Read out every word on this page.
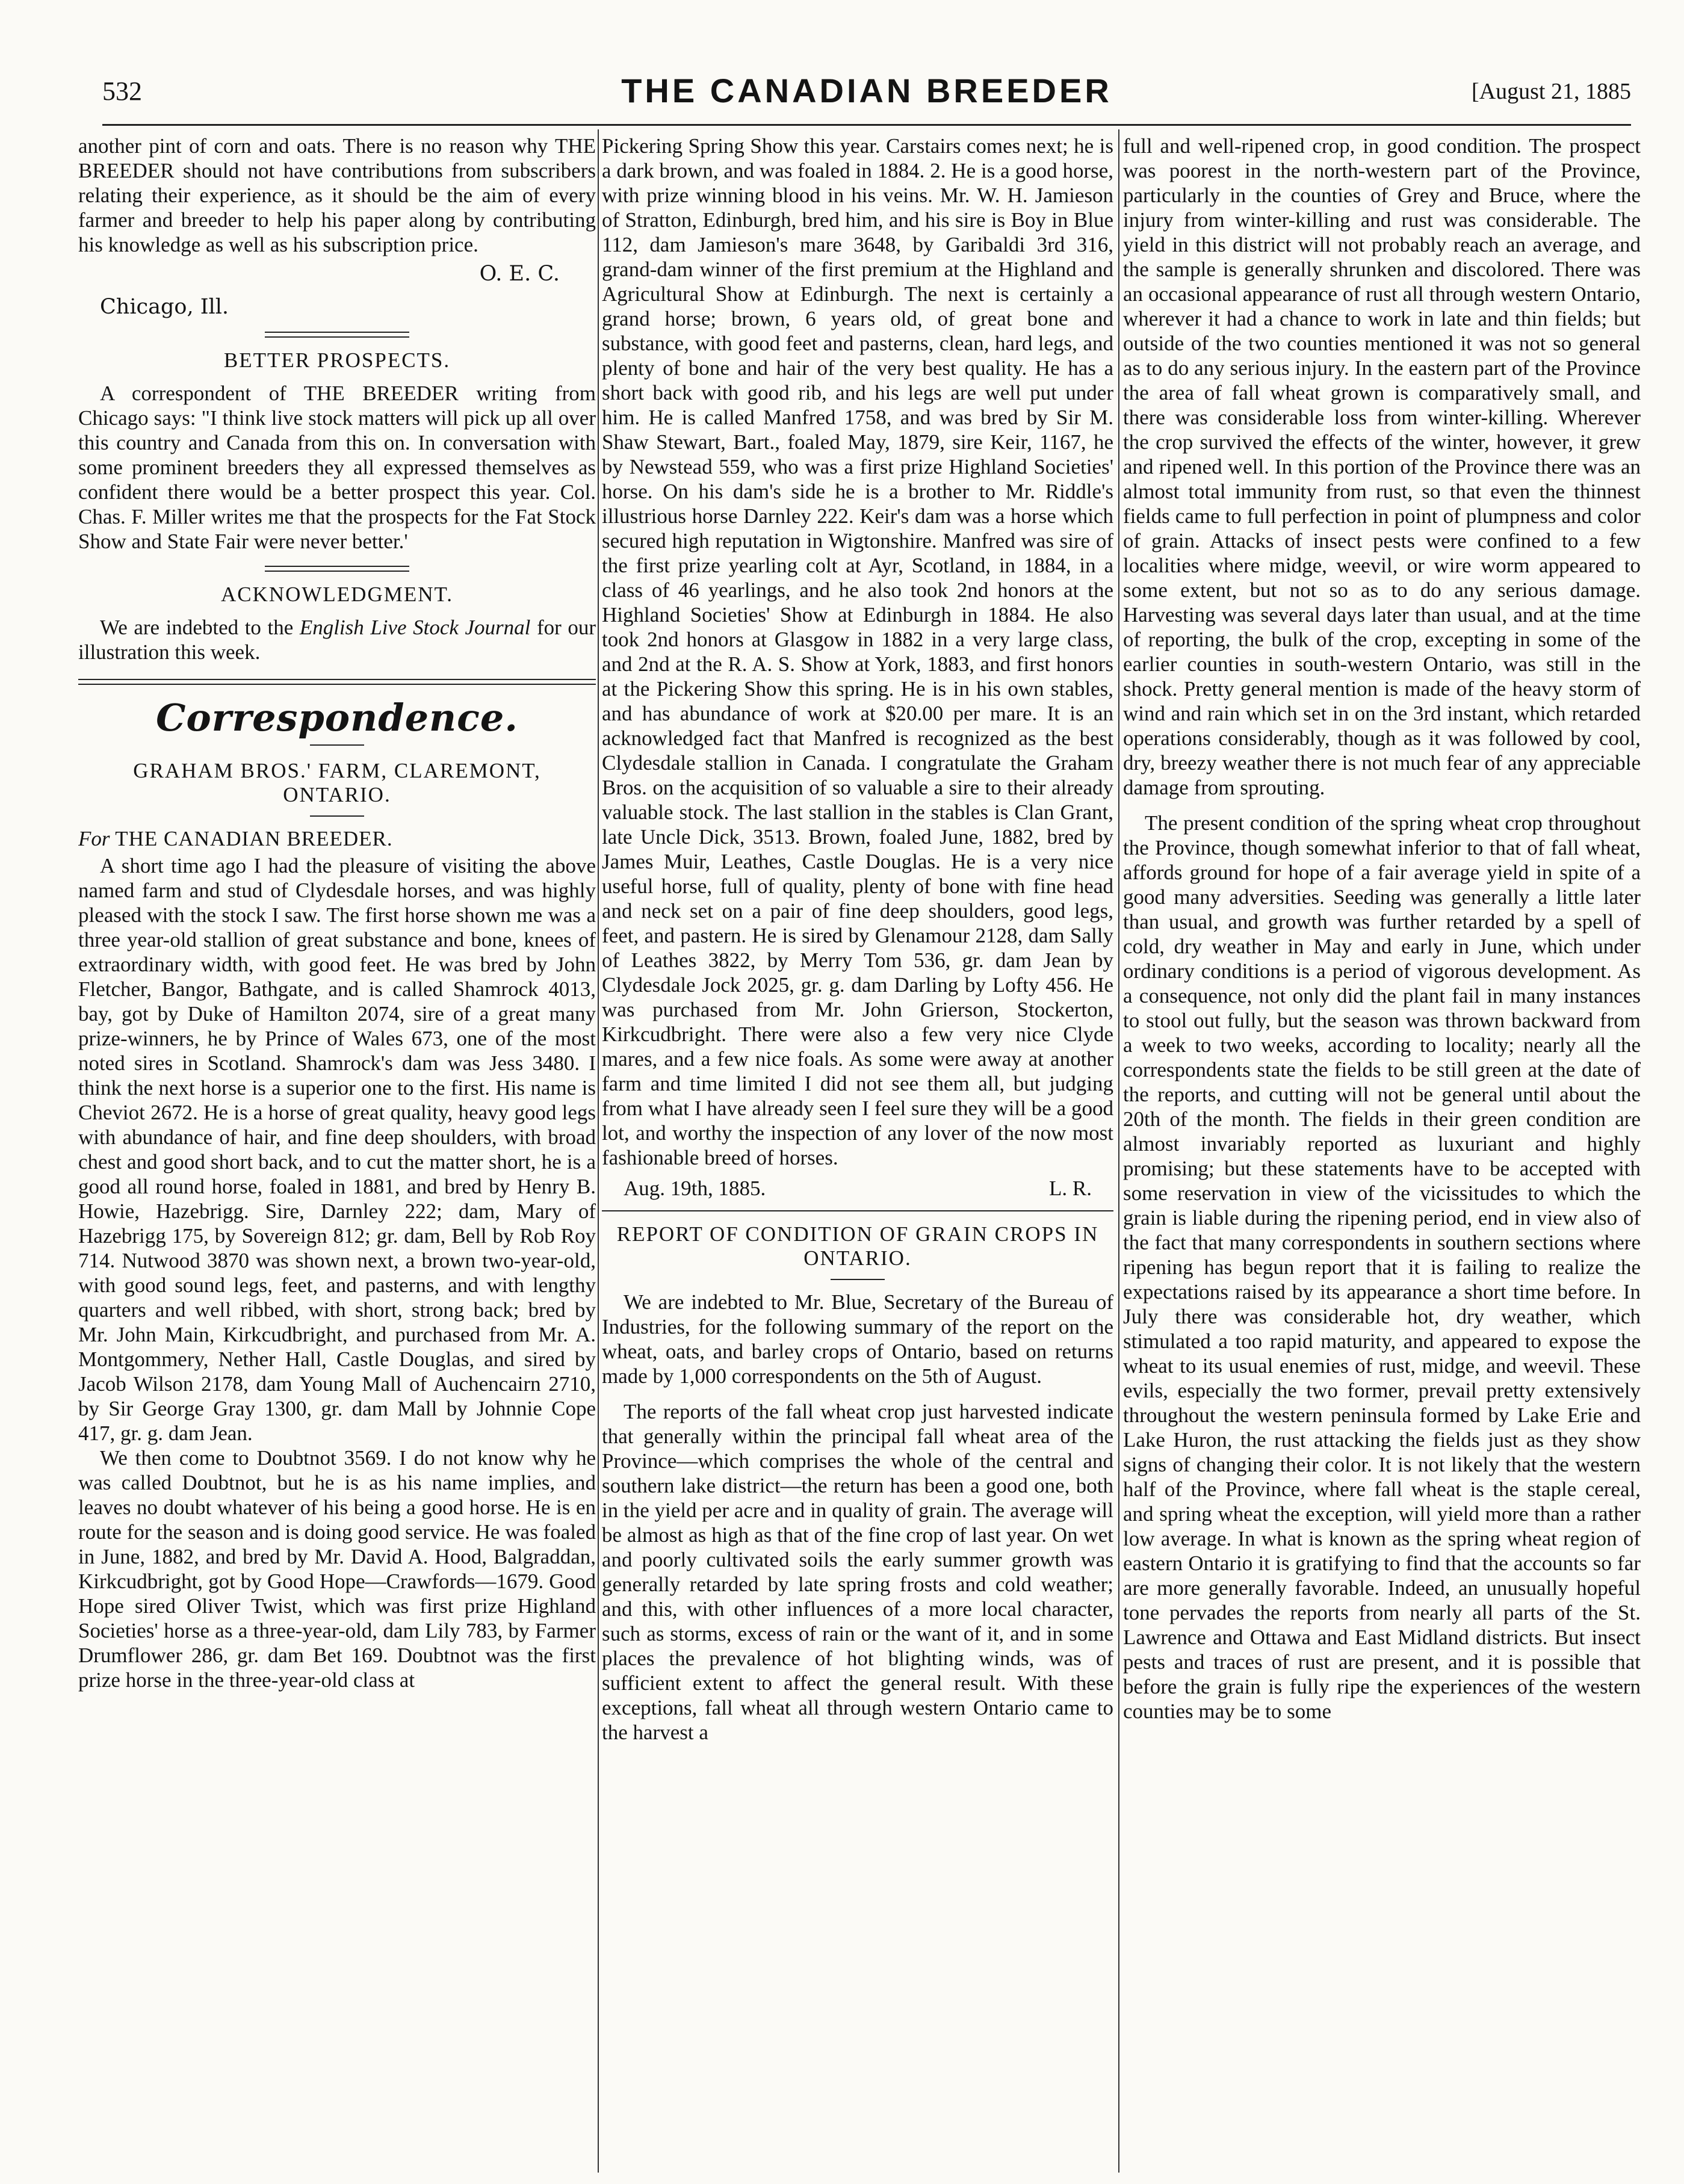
532	THE CANADIAN BREEDER	[August 21, 1885

another pint of corn and oats. There is no reason why THE BREEDER should not have contributions from subscribers relating their experience, as it should be the aim of every farmer and breeder to help his paper along by contributing his knowledge as well as his subscription price.

O. E. C.
Chicago, Ill.
BETTER PROSPECTS.

A correspondent of THE BREEDER writing from Chicago says: "I think live stock matters will pick up all over this country and Canada from this on. In conversation with some prominent breeders they all expressed themselves as confident there would be a better prospect this year. Col. Chas. F. Miller writes me that the prospects for the Fat Stock Show and State Fair were never better.'

ACKNOWLEDGMENT.

We are indebted to the English Live Stock Journal for our illustration this week.

Correspondence.
GRAHAM BROS.' FARM, CLAREMONT, ONTARIO.
For THE CANADIAN BREEDER.

A short time ago I had the pleasure of visiting the above named farm and stud of Clydesdale horses, and was highly pleased with the stock I saw. The first horse shown me was a three year-old stallion of great substance and bone, knees of extraordinary width, with good feet. He was bred by John Fletcher, Bangor, Bathgate, and is called Shamrock 4013, bay, got by Duke of Hamilton 2074, sire of a great many prize-winners, he by Prince of Wales 673, one of the most noted sires in Scotland. Shamrock's dam was Jess 3480. I think the next horse is a superior one to the first. His name is Cheviot 2672. He is a horse of great quality, heavy good legs with abundance of hair, and fine deep shoulders, with broad chest and good short back, and to cut the matter short, he is a good all round horse, foaled in 1881, and bred by Henry B. Howie, Hazebrigg. Sire, Darnley 222; dam, Mary of Hazebrigg 175, by Sovereign 812; gr. dam, Bell by Rob Roy 714. Nutwood 3870 was shown next, a brown two-year-old, with good sound legs, feet, and pasterns, and with lengthy quarters and well ribbed, with short, strong back; bred by Mr. John Main, Kirkcudbright, and purchased from Mr. A. Montgommery, Nether Hall, Castle Douglas, and sired by Jacob Wilson 2178, dam Young Mall of Auchencairn 2710, by Sir George Gray 1300, gr. dam Mall by Johnnie Cope 417, gr. g. dam Jean.

We then come to Doubtnot 3569. I do not know why he was called Doubtnot, but he is as his name implies, and leaves no doubt whatever of his being a good horse. He is en route for the season and is doing good service. He was foaled in June, 1882, and bred by Mr. David A. Hood, Balgraddan, Kirkcudbright, got by Good Hope—Crawfords—1679. Good Hope sired Oliver Twist, which was first prize Highland Societies' horse as a three-year-old, dam Lily 783, by Farmer Drumflower 286, gr. dam Bet 169. Doubtnot was the first prize horse in the three-year-old class at

Pickering Spring Show this year. Carstairs comes next; he is a dark brown, and was foaled in 1884. 2. He is a good horse, with prize winning blood in his veins. Mr. W. H. Jamieson of Stratton, Edinburgh, bred him, and his sire is Boy in Blue 112, dam Jamieson's mare 3648, by Garibaldi 3rd 316, grand-dam winner of the first premium at the Highland and Agricultural Show at Edinburgh. The next is certainly a grand horse; brown, 6 years old, of great bone and substance, with good feet and pasterns, clean, hard legs, and plenty of bone and hair of the very best quality. He has a short back with good rib, and his legs are well put under him. He is called Manfred 1758, and was bred by Sir M. Shaw Stewart, Bart., foaled May, 1879, sire Keir, 1167, he by Newstead 559, who was a first prize Highland Societies' horse. On his dam's side he is a brother to Mr. Riddle's illustrious horse Darnley 222. Keir's dam was a horse which secured high reputation in Wigtonshire. Manfred was sire of the first prize yearling colt at Ayr, Scotland, in 1884, in a class of 46 yearlings, and he also took 2nd honors at the Highland Societies' Show at Edinburgh in 1884. He also took 2nd honors at Glasgow in 1882 in a very large class, and 2nd at the R. A. S. Show at York, 1883, and first honors at the Pickering Show this spring. He is in his own stables, and has abundance of work at $20.00 per mare. It is an acknowledged fact that Manfred is recognized as the best Clydesdale stallion in Canada. I congratulate the Graham Bros. on the acquisition of so valuable a sire to their already valuable stock. The last stallion in the stables is Clan Grant, late Uncle Dick, 3513. Brown, foaled June, 1882, bred by James Muir, Leathes, Castle Douglas. He is a very nice useful horse, full of quality, plenty of bone with fine head and neck set on a pair of fine deep shoulders, good legs, feet, and pastern. He is sired by Glenamour 2128, dam Sally of Leathes 3822, by Merry Tom 536, gr. dam Jean by Clydesdale Jock 2025, gr. g. dam Darling by Lofty 456. He was purchased from Mr. John Grierson, Stockerton, Kirkcudbright. There were also a few very nice Clyde mares, and a few nice foals. As some were away at another farm and time limited I did not see them all, but judging from what I have already seen I feel sure they will be a good lot, and worthy the inspection of any lover of the now most fashionable breed of horses.

Aug. 19th, 1885.	L. R.
REPORT OF CONDITION OF GRAIN CROPS IN ONTARIO.

We are indebted to Mr. Blue, Secretary of the Bureau of Industries, for the following summary of the report on the wheat, oats, and barley crops of Ontario, based on returns made by 1,000 correspondents on the 5th of August.

The reports of the fall wheat crop just harvested indicate that generally within the principal fall wheat area of the Province—which comprises the whole of the central and southern lake district—the return has been a good one, both in the yield per acre and in quality of grain. The average will be almost as high as that of the fine crop of last year. On wet and poorly cultivated soils the early summer growth was generally retarded by late spring frosts and cold weather; and this, with other influences of a more local character, such as storms, excess of rain or the want of it, and in some places the prevalence of hot blighting winds, was of sufficient extent to affect the general result. With these exceptions, fall wheat all through western Ontario came to the harvest a

full and well-ripened crop, in good condition. The prospect was poorest in the north-western part of the Province, particularly in the counties of Grey and Bruce, where the injury from winter-killing and rust was considerable. The yield in this district will not probably reach an average, and the sample is generally shrunken and discolored. There was an occasional appearance of rust all through western Ontario, wherever it had a chance to work in late and thin fields; but outside of the two counties mentioned it was not so general as to do any serious injury. In the eastern part of the Province the area of fall wheat grown is comparatively small, and there was considerable loss from winter-killing. Wherever the crop survived the effects of the winter, however, it grew and ripened well. In this portion of the Province there was an almost total immunity from rust, so that even the thinnest fields came to full perfection in point of plumpness and color of grain. Attacks of insect pests were confined to a few localities where midge, weevil, or wire worm appeared to some extent, but not so as to do any serious damage. Harvesting was several days later than usual, and at the time of reporting, the bulk of the crop, excepting in some of the earlier counties in south-western Ontario, was still in the shock. Pretty general mention is made of the heavy storm of wind and rain which set in on the 3rd instant, which retarded operations considerably, though as it was followed by cool, dry, breezy weather there is not much fear of any appreciable damage from sprouting.

The present condition of the spring wheat crop throughout the Province, though somewhat inferior to that of fall wheat, affords ground for hope of a fair average yield in spite of a good many adversities. Seeding was generally a little later than usual, and growth was further retarded by a spell of cold, dry weather in May and early in June, which under ordinary conditions is a period of vigorous development. As a consequence, not only did the plant fail in many instances to stool out fully, but the season was thrown backward from a week to two weeks, according to locality; nearly all the correspondents state the fields to be still green at the date of the reports, and cutting will not be general until about the 20th of the month. The fields in their green condition are almost invariably reported as luxuriant and highly promising; but these statements have to be accepted with some reservation in view of the vicissitudes to which the grain is liable during the ripening period, end in view also of the fact that many correspondents in southern sections where ripening has begun report that it is failing to realize the expectations raised by its appearance a short time before. In July there was considerable hot, dry weather, which stimulated a too rapid maturity, and appeared to expose the wheat to its usual enemies of rust, midge, and weevil. These evils, especially the two former, prevail pretty extensively throughout the western peninsula formed by Lake Erie and Lake Huron, the rust attacking the fields just as they show signs of changing their color. It is not likely that the western half of the Province, where fall wheat is the staple cereal, and spring wheat the exception, will yield more than a rather low average. In what is known as the spring wheat region of eastern Ontario it is gratifying to find that the accounts so far are more generally favorable. Indeed, an unusually hopeful tone pervades the reports from nearly all parts of the St. Lawrence and Ottawa and East Midland districts. But insect pests and traces of rust are present, and it is possible that before the grain is fully ripe the experiences of the western counties may be to some
